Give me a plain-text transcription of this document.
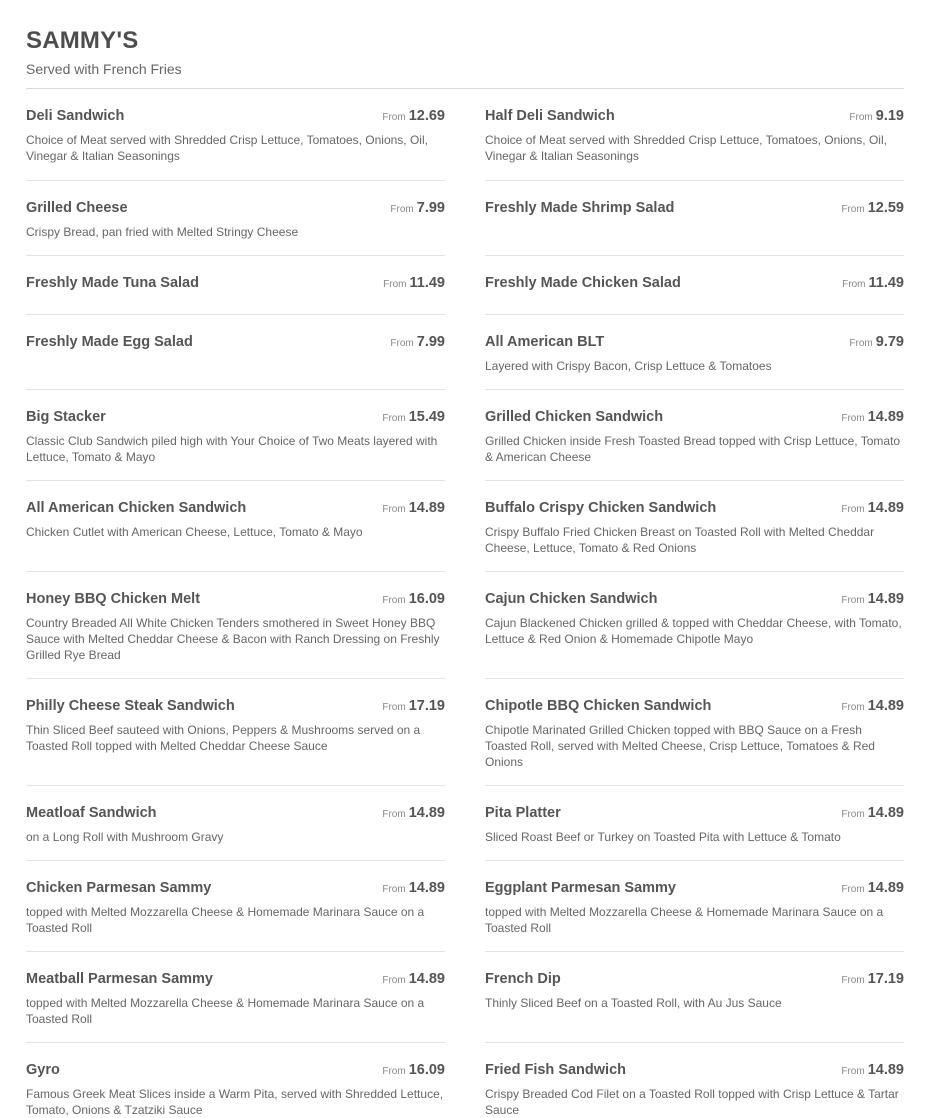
SAMMY'S
Served with French Fries
Deli Sandwich	From 12.69
Choice of Meat served with Shredded Crisp Lettuce, Tomatoes, Onions, Oil, Vinegar & Italian Seasonings
Half Deli Sandwich	From 9.19
Choice of Meat served with Shredded Crisp Lettuce, Tomatoes, Onions, Oil, Vinegar & Italian Seasonings
Grilled Cheese	From 7.99
Crispy Bread, pan fried with Melted Stringy Cheese
Freshly Made Shrimp Salad	From 12.59
Freshly Made Tuna Salad	From 11.49	Freshly Made Chicken Salad	From 11.49
Freshly Made Egg Salad	From 7.99	All American BLT	From 9.79
Layered with Crispy Bacon, Crisp Lettuce & Tomatoes
Big Stacker	From 15.49
Classic Club Sandwich piled high with Your Choice of Two Meats layered with Lettuce, Tomato & Mayo
Grilled Chicken Sandwich	From 14.89
Grilled Chicken inside Fresh Toasted Bread topped with Crisp Lettuce, Tomato & American Cheese
All American Chicken Sandwich	From 14.89
Chicken Cutlet with American Cheese, Lettuce, Tomato & Mayo
Buffalo Crispy Chicken Sandwich	From 14.89
Crispy Buffalo Fried Chicken Breast on Toasted Roll with Melted Cheddar Cheese, Lettuce, Tomato & Red Onions
Honey BBQ Chicken Melt	From 16.09
Country Breaded All White Chicken Tenders smothered in Sweet Honey BBQ Sauce with Melted Cheddar Cheese & Bacon with Ranch Dressing on Freshly Grilled Rye Bread
Cajun Chicken Sandwich	From 14.89
Cajun Blackened Chicken grilled & topped with Cheddar Cheese, with Tomato, Lettuce & Red Onion & Homemade Chipotle Mayo
Philly Cheese Steak Sandwich	From 17.19
Thin Sliced Beef sauteed with Onions, Peppers & Mushrooms served on a Toasted Roll topped with Melted Cheddar Cheese Sauce
Chipotle BBQ Chicken Sandwich	From 14.89
Chipotle Marinated Grilled Chicken topped with BBQ Sauce on a Fresh Toasted Roll, served with Melted Cheese, Crisp Lettuce, Tomatoes & Red Onions
Meatloaf Sandwich	From 14.89
on a Long Roll with Mushroom Gravy
Pita Platter	From 14.89
Sliced Roast Beef or Turkey on Toasted Pita with Lettuce & Tomato
Chicken Parmesan Sammy	From 14.89
topped with Melted Mozzarella Cheese & Homemade Marinara Sauce on a Toasted Roll
Eggplant Parmesan Sammy	From 14.89
topped with Melted Mozzarella Cheese & Homemade Marinara Sauce on a Toasted Roll
Meatball Parmesan Sammy	From 14.89
topped with Melted Mozzarella Cheese & Homemade Marinara Sauce on a Toasted Roll
French Dip	From 17.19
Thinly Sliced Beef on a Toasted Roll, with Au Jus Sauce
Gyro	From 16.09
Famous Greek Meat Slices inside a Warm Pita, served with Shredded Lettuce, Tomato, Onions & Tzatziki Sauce
Fried Fish Sandwich	From 14.89
Crispy Breaded Cod Filet on a Toasted Roll topped with Crisp Lettuce & Tartar Sauce
